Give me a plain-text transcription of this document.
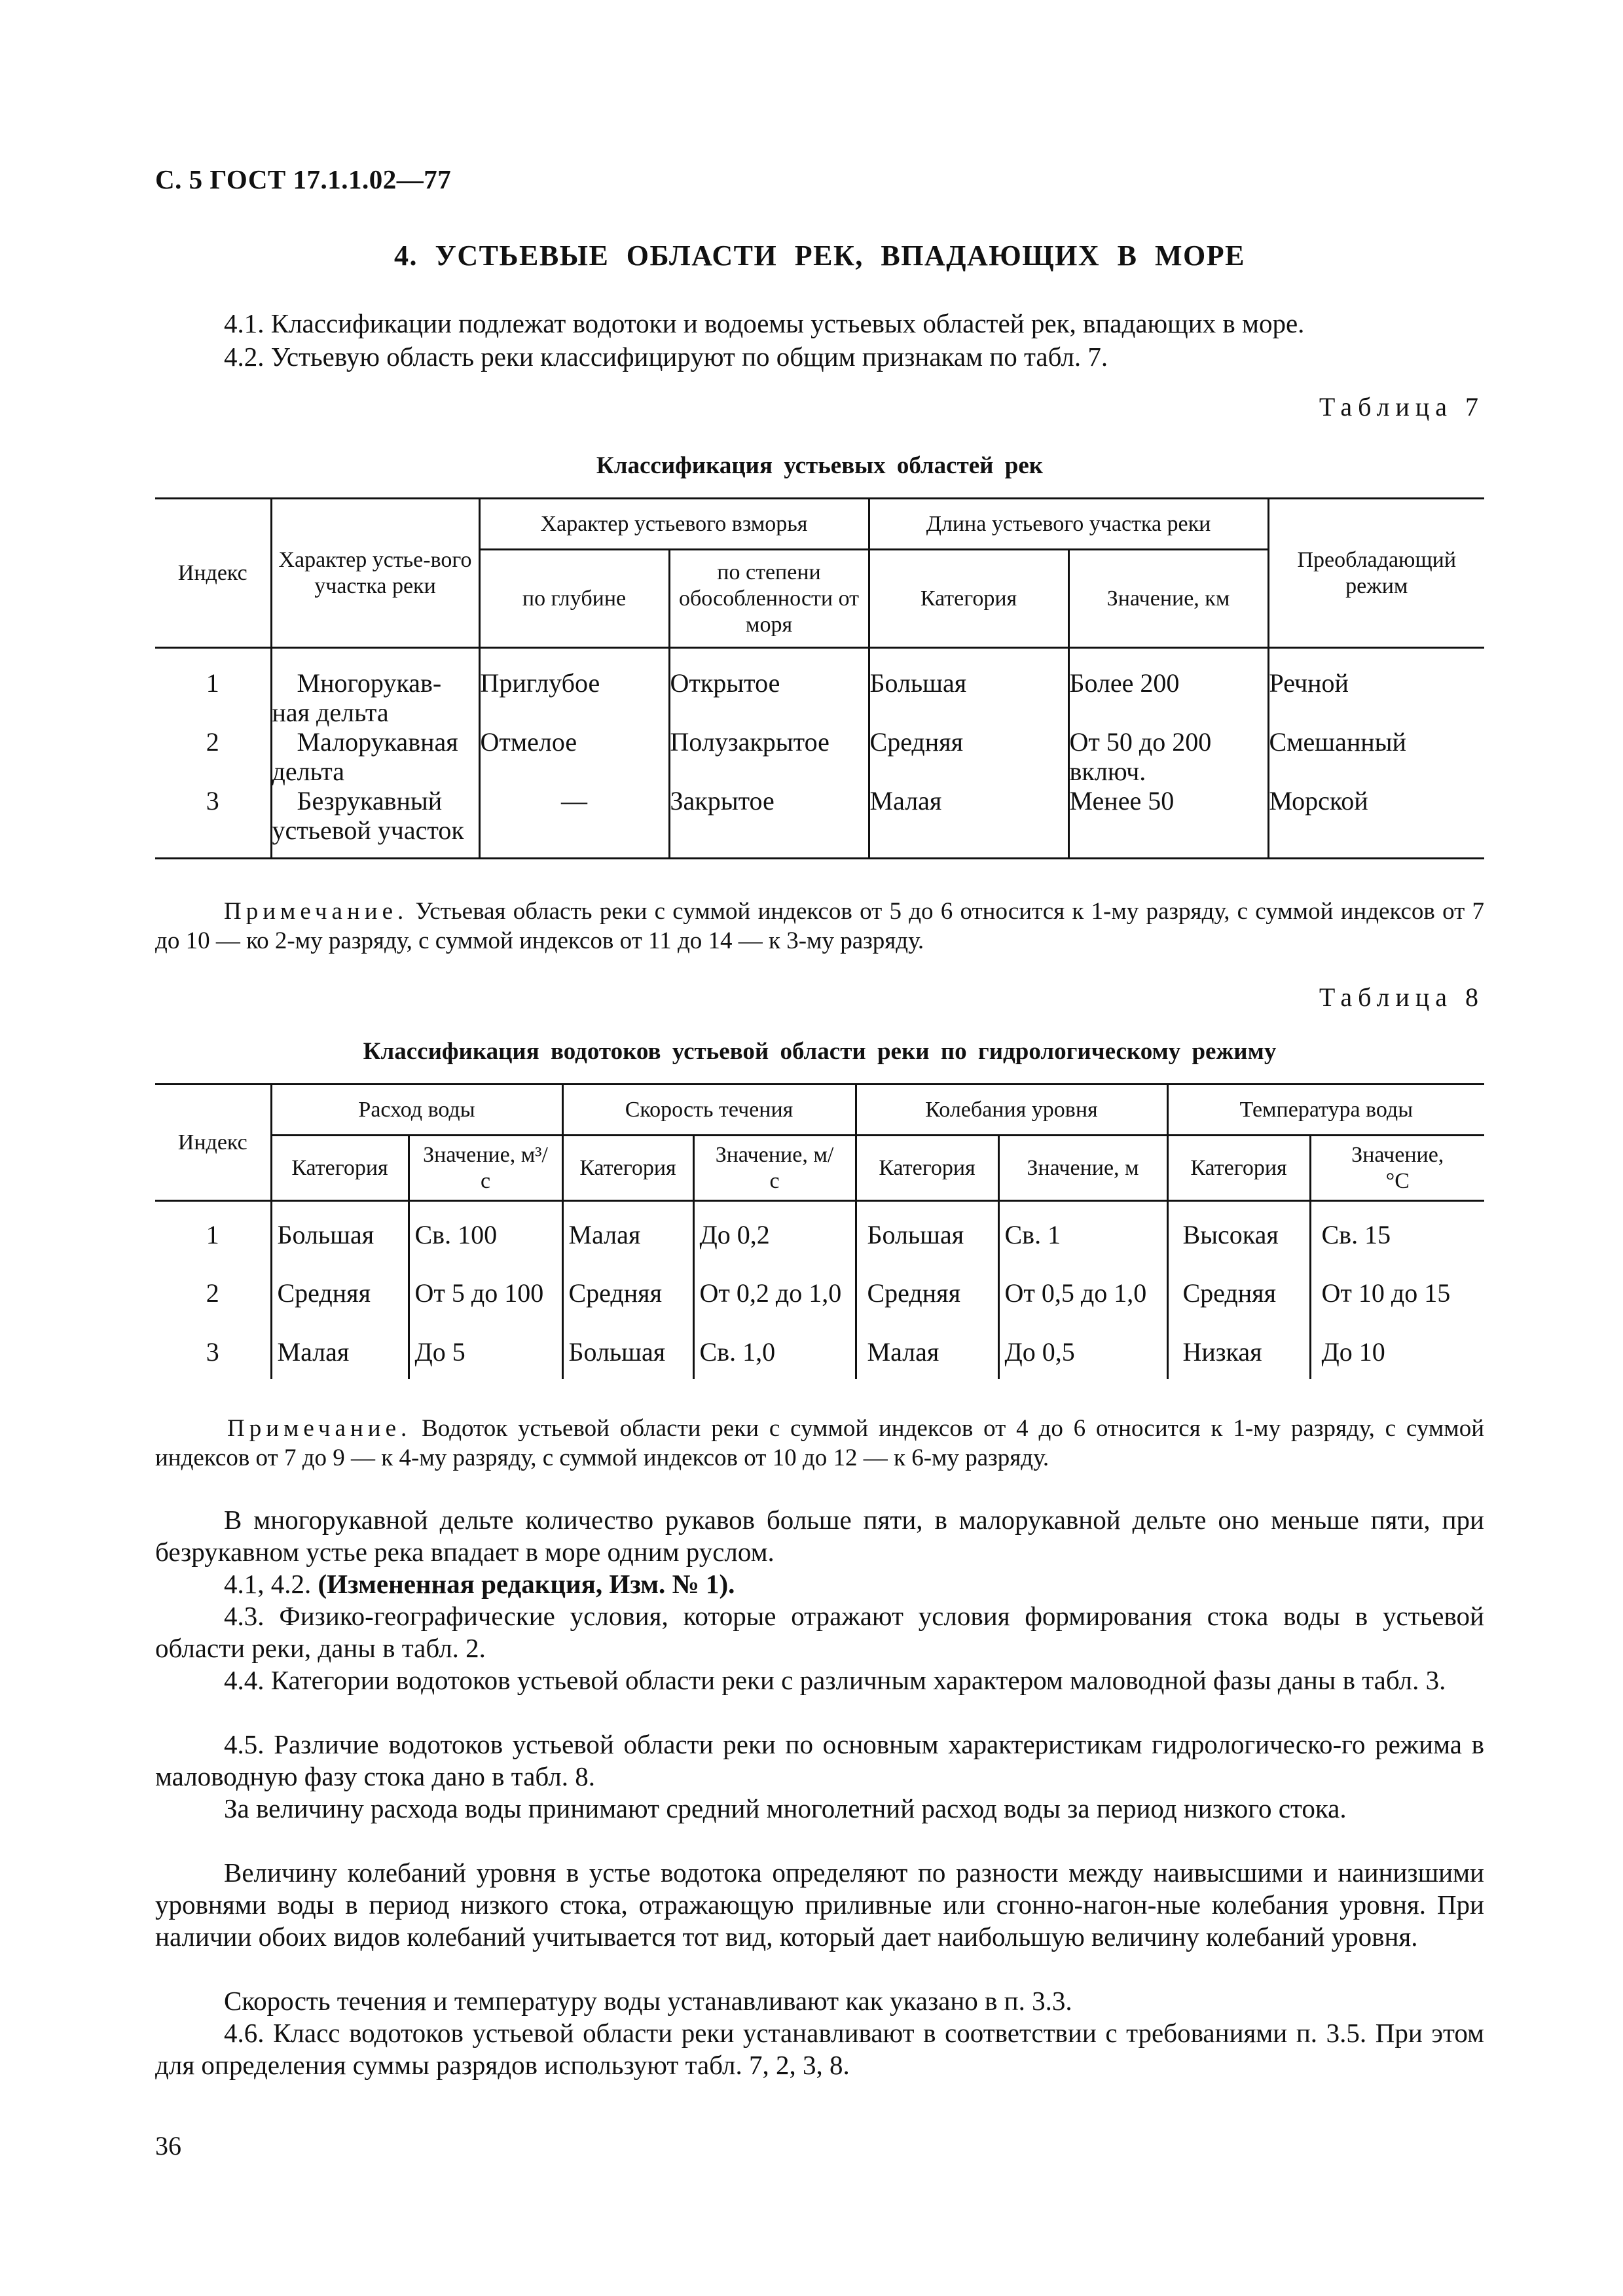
С. 5 ГОСТ 17.1.1.02—77
4. УСТЬЕВЫЕ ОБЛАСТИ РЕК, ВПАДАЮЩИХ В МОРЕ
4.1. Классификации подлежат водотоки и водоемы устьевых областей рек, впадающих в море.
4.2. Устьевую область реки классифицируют по общим признакам по табл. 7.
Таблица 7
Классификация устьевых областей рек
Индекс	Характер устье-вого участка реки	Характер устьевого взморья		Длина устьевого участка реки		Преобладающий режим
		по глубине	по степени обособленности от моря	Категория	Значение, км	
1	Многорукав-ная дельта	Приглубое	Открытое	Большая	Более 200	Речной
2	Малорукавная дельта	Отмелое	Полузакрытое	Средняя	От 50 до 200 включ.	Смешанный
3	Безрукавный устьевой участок	—	Закрытое	Малая	Менее 50	Морской
Примечание. Устьевая область реки с суммой индексов от 5 до 6 относится к 1-му разряду, с суммой индексов от 7 до 10 — ко 2-му разряду, с суммой индексов от 11 до 14 — к 3-му разряду.
Таблица 8
Классификация водотоков устьевой области реки по гидрологическому режиму
Индекс	Расход воды		Скорость течения		Колебания уровня		Температура воды	
	Категория	Значение, м³/с	Категория	Значение, м/с	Категория	Значение, м	Категория	Значение, °С
1	Большая	Св. 100	Малая	До 0,2	Большая	Св. 1	Высокая	Св. 15
2	Средняя	От 5 до 100	Средняя	От 0,2 до 1,0	Средняя	От 0,5 до 1,0	Средняя	От 10 до 15
3	Малая	До 5	Большая	Св. 1,0	Малая	До 0,5	Низкая	До 10
Примечание. Водоток устьевой области реки с суммой индексов от 4 до 6 относится к 1-му разряду, с суммой индексов от 7 до 9 — к 4-му разряду, с суммой индексов от 10 до 12 — к 6-му разряду.
В многорукавной дельте количество рукавов больше пяти, в малорукавной дельте оно меньше пяти, при безрукавном устье река впадает в море одним руслом.
4.1, 4.2. (Измененная редакция, Изм. № 1).
4.3. Физико-географические условия, которые отражают условия формирования стока воды в устьевой области реки, даны в табл. 2.
4.4. Категории водотоков устьевой области реки с различным характером маловодной фазы даны в табл. 3.
4.5. Различие водотоков устьевой области реки по основным характеристикам гидрологическо-го режима в маловодную фазу стока дано в табл. 8.
За величину расхода воды принимают средний многолетний расход воды за период низкого стока.
Величину колебаний уровня в устье водотока определяют по разности между наивысшими и наинизшими уровнями воды в период низкого стока, отражающую приливные или сгонно-нагон-ные колебания уровня. При наличии обоих видов колебаний учитывается тот вид, который дает наибольшую величину колебаний уровня.
Скорость течения и температуру воды устанавливают как указано в п. 3.3.
4.6. Класс водотоков устьевой области реки устанавливают в соответствии с требованиями п. 3.5. При этом для определения суммы разрядов используют табл. 7, 2, 3, 8.
36
